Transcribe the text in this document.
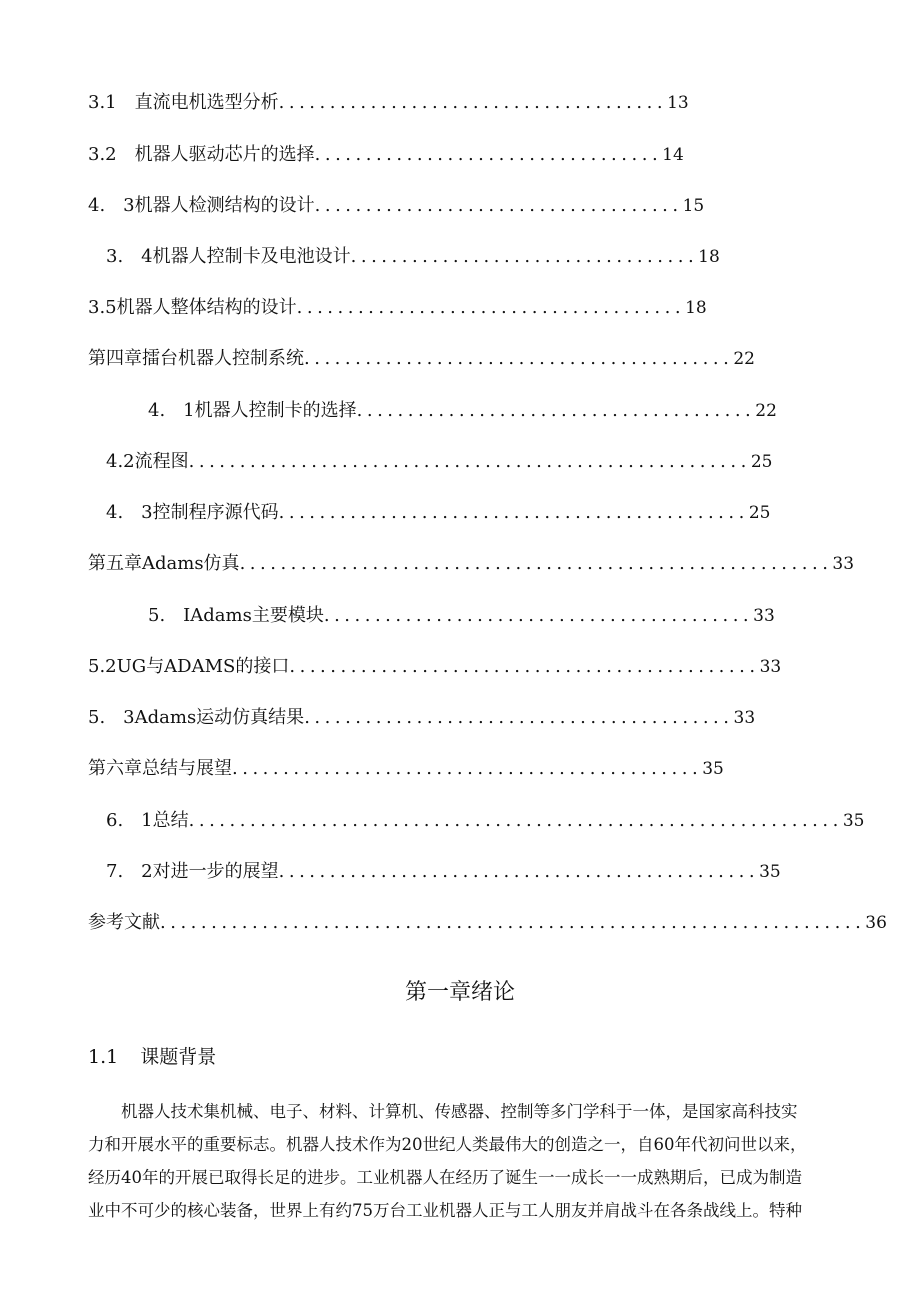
3.1　直流电机选型分析......................................13
3.2　机器人驱动芯片的选择..................................14
4.　3机器人检测结构的设计....................................15
3.　4机器人控制卡及电池设计..................................18
3.5机器人整体结构的设计......................................18
第四章擂台机器人控制系统..........................................22
4.　1机器人控制卡的选择.......................................22
4.2流程图.......................................................25
4.　3控制程序源代码..............................................25
第五章Adams仿真..........................................................33
5.　IAdams主要模块..........................................33
5.2UG与ADAMS的接口..............................................33
5.　3Adams运动仿真结果..........................................33
第六章总结与展望..............................................35
6.　1总结................................................................35
7.　2对进一步的展望...............................................35
参考文献.....................................................................36
第一章绪论
1.1 课题背景
机器人技术集机械、电子、材料、计算机、传感器、控制等多门学科于一体，是国家高科技实
力和开展水平的重要标志。机器人技术作为20世纪人类最伟大的创造之一，自60年代初问世以来，
经历40年的开展已取得长足的进步。工业机器人在经历了诞生一一成长一一成熟期后，已成为制造
业中不可少的核心装备，世界上有约75万台工业机器人正与工人朋友并肩战斗在各条战线上。特种
